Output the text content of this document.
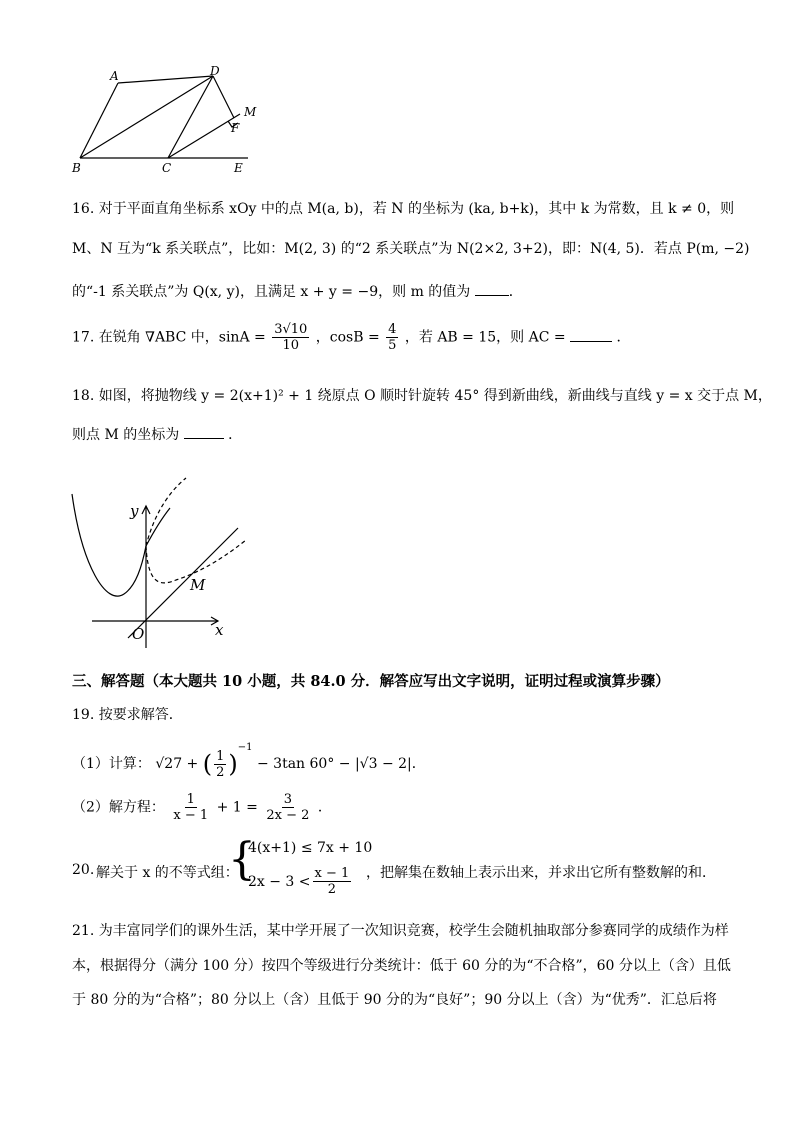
A	D
M
F
B	C	E
16. 对于平面直角坐标系 xOy 中的点 M(a, b)，若 N 的坐标为 (ka, b+k)，其中 k 为常数，且 k ≠ 0，则
M、N 互为“k 系关联点”，比如：M(2, 3) 的“2 系关联点”为 N(2×2, 3+2)，即：N(4, 5)．若点 P(m, −2)
的“-1 系关联点”为 Q(x, y)，且满足 x + y = −9，则 m 的值为	．
17. 在锐角 ∇ABC 中，$\sin A = \frac{3√10}{10}$ ，$\cos B = \frac{4}{5}$ ，若 AB = 15，则 AC =	．
18. 如图，将抛物线 y = 2(x+1)² + 1 绕原点 O 顺时针旋转 45° 得到新曲线，新曲线与直线 y = x 交于点 M，
则点 M 的坐标为	．
y
x
O
M
三、解答题（本大题共 10 小题，共 84.0 分．解答应写出文字说明，证明过程或演算步骤）
19. 按要求解答．
（1）计算： √27 + ( $\frac{1}{2} )^{-1} - 3\tan$ 60° − |√3 − 2|．
（2）解方程： $\frac{1}{x - 1} + 1 = \frac{3}{2x - 2}$ ．
20. 解关于 x 的不等式组：
{
4(x+1) ≤ 7x + 10
$2x - 3 < \frac{x - 1}{2}$ ，把解集在数轴上表示出来，并求出它所有整数解的和．
21. 为丰富同学们的课外生活，某中学开展了一次知识竞赛，校学生会随机抽取部分参赛同学的成绩作为样
本，根据得分（满分 100 分）按四个等级进行分类统计：低于 60 分的为“不合格”，60 分以上（含）且低
于 80 分的为“合格”；80 分以上（含）且低于 90 分的为“良好”；90 分以上（含）为“优秀”．汇总后将
